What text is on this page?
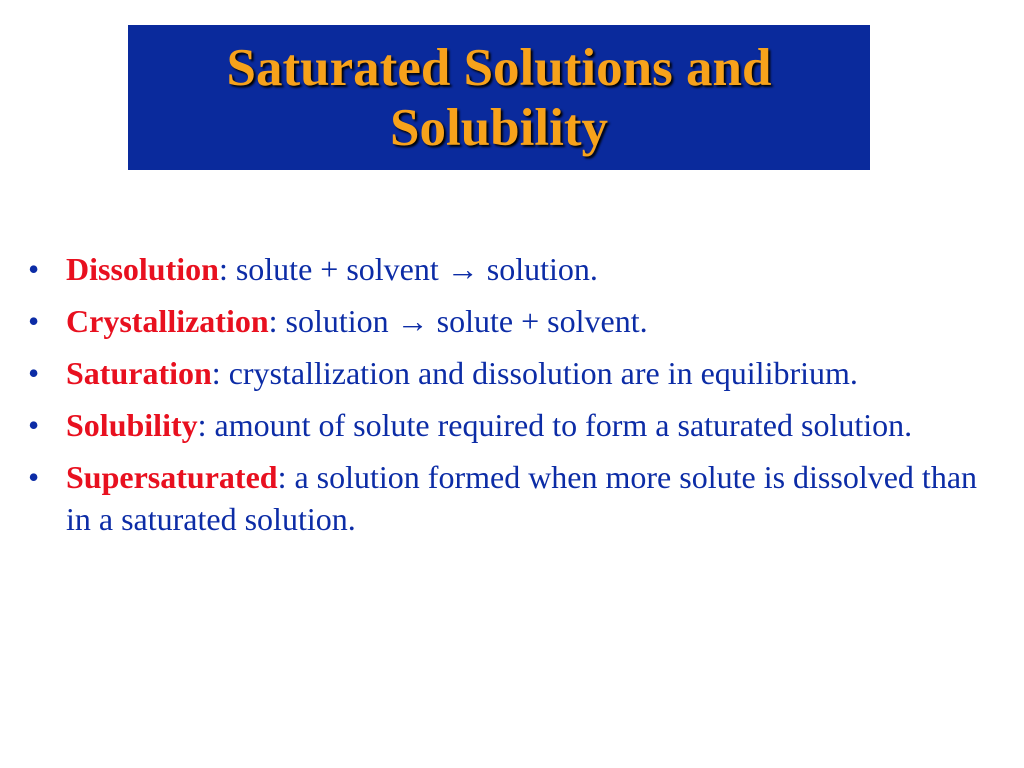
Saturated Solutions and Solubility
• Dissolution: solute + solvent → solution.
• Crystallization: solution → solute + solvent.
• Saturation: crystallization and dissolution are in equilibrium.
• Solubility: amount of solute required to form a saturated solution.
• Supersaturated: a solution formed when more solute is dissolved than in a saturated solution.
